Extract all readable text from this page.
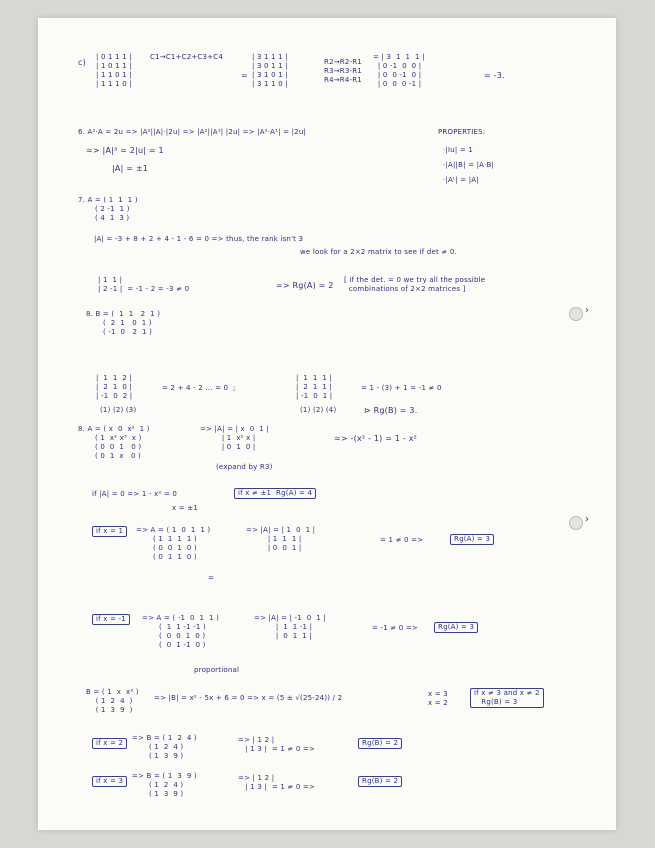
›
›
c)
| 0 1 1 1 |
| 1 0 1 1 |
| 1 1 0 1 |
| 1 1 1 0 |
C1→C1+C2+C3+C4
=
| 3 1 1 1 |
| 3 0 1 1 |
| 3 1 0 1 |
| 3 1 1 0 |
R2→R2-R1
R3→R3-R1
R4→R4-R1
= | 3  1  1  1 |
| 0 -1  0  0 |
| 0  0 -1  0 |
| 0  0  0 -1 |
= -3.
6. A²·A = 2u => |A²||A|·|2u| => |A²||A¹| |2u| => |A²·A¹| = |2u|	PROPERTIES:
=> |A|³ = 2|u| = 1
|A| = ±1
·|Iu| = 1
·|A||B| = |A·B|
·|Aᵗ| = |A|
7. A = ( 1  1  1 )
( 2 -1  1 )
( 4  1  3 )
|A| = -3 + 8 + 2 + 4 - 1 - 6 = 0 => thus, the rank isn't 3
we look for a 2×2 matrix to see if det ≠ 0.
| 1  1 |
| 2 -1 |  = -1 - 2 = -3 ≠ 0	=> Rg(A) = 2
[ if the det. = 0 we try all the possible
combinations of 2×2 matrices ]
8. B = (  1  1   2  1 )
(  2  1   0  1 )
( -1  0   2  1 )
|  1  1  2 |
|  2  1  0 |
| -1  0  2 |
= 2 + 4 - 2 ... = 0  ;
|  1  1  1 |
|  2  1  1 |
| -1  0  1 |
= 1 - (3) + 1 = -1 ≠ 0
(1) (2) (3)	(1) (2) (4)	⊳ Rg(B) = 3.
8. A = ( x  0  x²  1 )
( 1  x² x³  x )
( 0  0  1   0 )
( 0  1  x   0 )
=> |A| = | x  0  1 |
| 1  x² x |
| 0  1  0 |
=> -(x² - 1) = 1 - x²
(expand by R3)
if |A| = 0 => 1 - x² = 0	if x ≠ ±1  Rg(A) = 4
x = ±1
if x = 1	=> A = ( 1  0  1  1 )
( 1  1  1  1 )
( 0  0  1  0 )
( 0  1  1  0 )
=> |A| = | 1  0  1 |
| 1  1  1 |
| 0  0  1 |
= 1 ≠ 0 =>	Rg(A) = 3
=
if x = -1	=> A = ( -1  0  1  1 )
(  1  1 -1 -1 )
(  0  0  1  0 )
(  0  1 -1  0 )
=> |A| = | -1  0  1 |
|  1  1 -1 |
|  0  1  1 |
= -1 ≠ 0 =>	Rg(A) = 3
proportional
B = ( 1  x  x² )
( 1  2  4  )
( 1  3  9  )
=> |B| = x² - 5x + 6 = 0 => x = (5 ± √(25-24)) / 2	x = 3
x = 2
if x ≠ 3 and x ≠ 2
Rg(B) = 3
if x = 2
=> B = ( 1  2  4 )
( 1  2  4 )
( 1  3  9 )
=> | 1 2 |
| 1 3 |  = 1 ≠ 0 =>
Rg(B) = 2
if x = 3
=> B = ( 1  3  9 )
( 1  2  4 )
( 1  3  9 )
=> | 1 2 |
| 1 3 |  = 1 ≠ 0 =>
Rg(B) = 2
